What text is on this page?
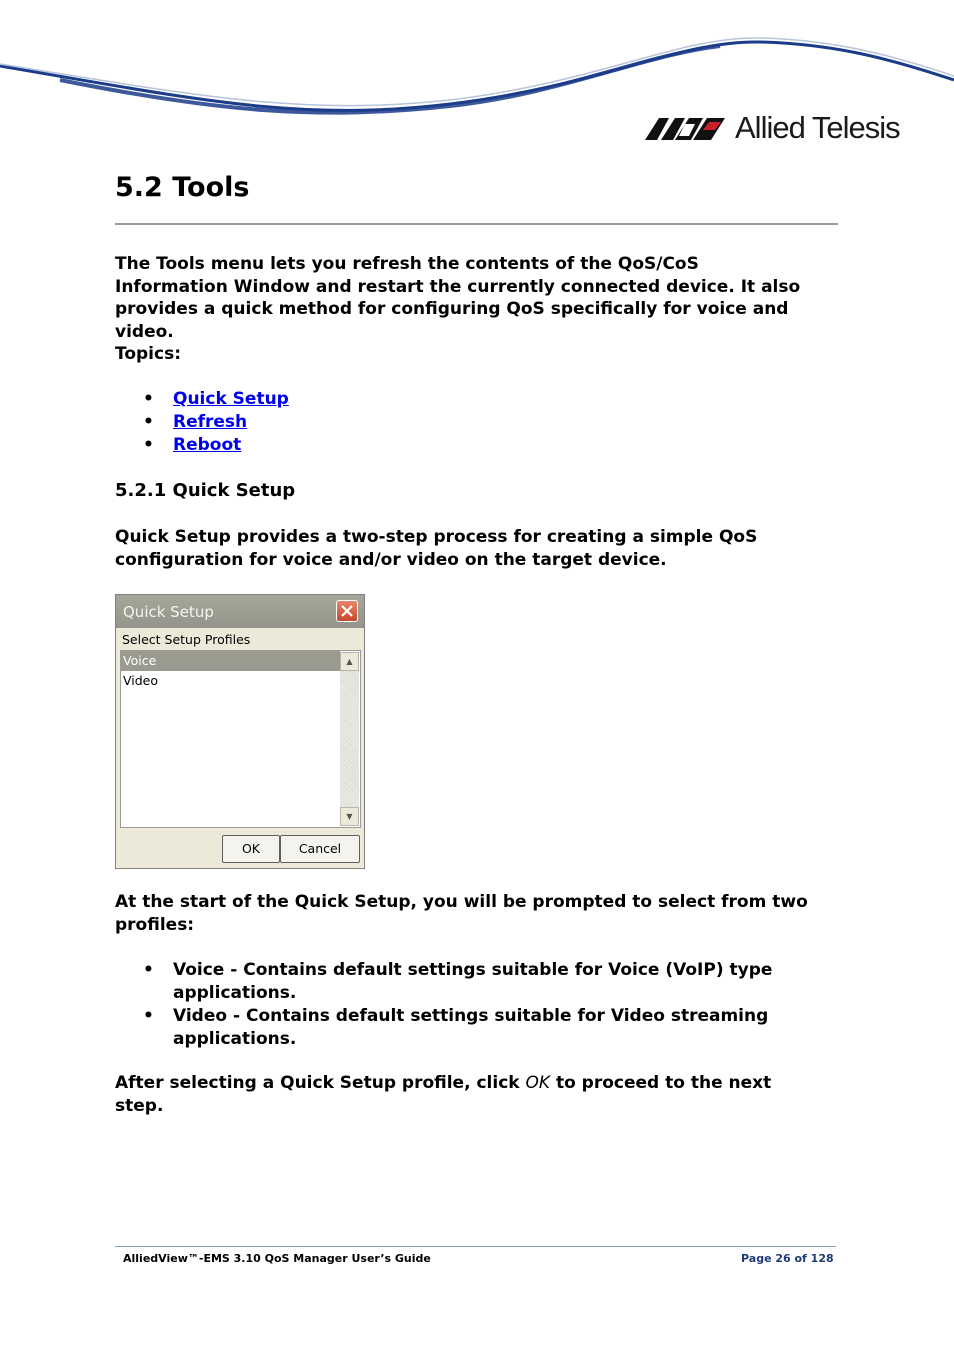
Allied Telesis
5.2 Tools

The Tools menu lets you refresh the contents of the QoS/CoS Information Window and restart the currently connected device. It also provides a quick method for configuring QoS specifically for voice and video.

Topics:

• Quick Setup
• Refresh
• Reboot
5.2.1 Quick Setup

Quick Setup provides a two-step process for creating a simple QoS configuration for voice and/or video on the target device.

Quick Setup
Select Setup Profiles
Voice
Video
▲
▼
OK	Cancel

At the start of the Quick Setup, you will be prompted to select from two profiles:

• Voice - Contains default settings suitable for Voice (VoIP) type applications.
• Video - Contains default settings suitable for Video streaming applications.

After selecting a Quick Setup profile, click OK to proceed to the next step.

AlliedView™-EMS 3.10 QoS Manager User’s Guide	Page 26 of 128
